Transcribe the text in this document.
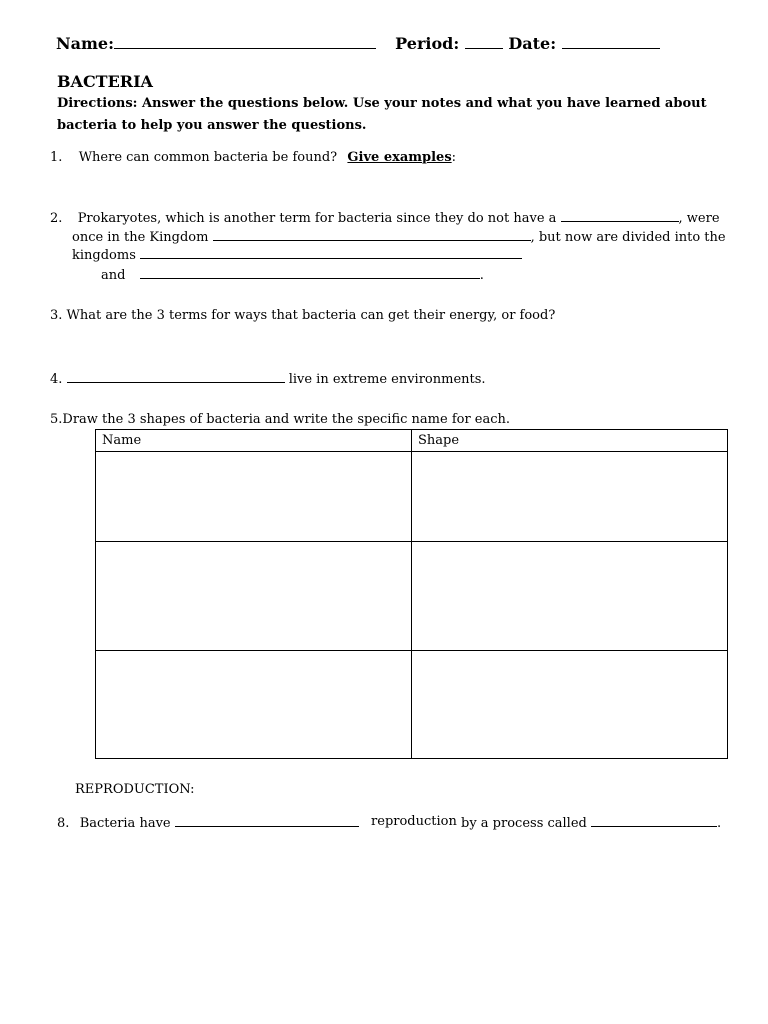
Name:	Period:	Date:
BACTERIA
Directions: Answer the questions below. Use your notes and what you have learned about
bacteria to help you answer the questions.
1. Where can common bacteria be found? Give examples:
2. Prokaryotes, which is another term for bacteria since they do not have a	, were
once in the Kingdom	, but now are divided into the
kingdoms
and	.
3. What are the 3 terms for ways that bacteria can get their energy, or food?
4.	live in extreme environments.
5.Draw the 3 shapes of bacteria and write the specific name for each.
Name	Shape

REPRODUCTION:
8. Bacteria have	reproduction by a process called	.
